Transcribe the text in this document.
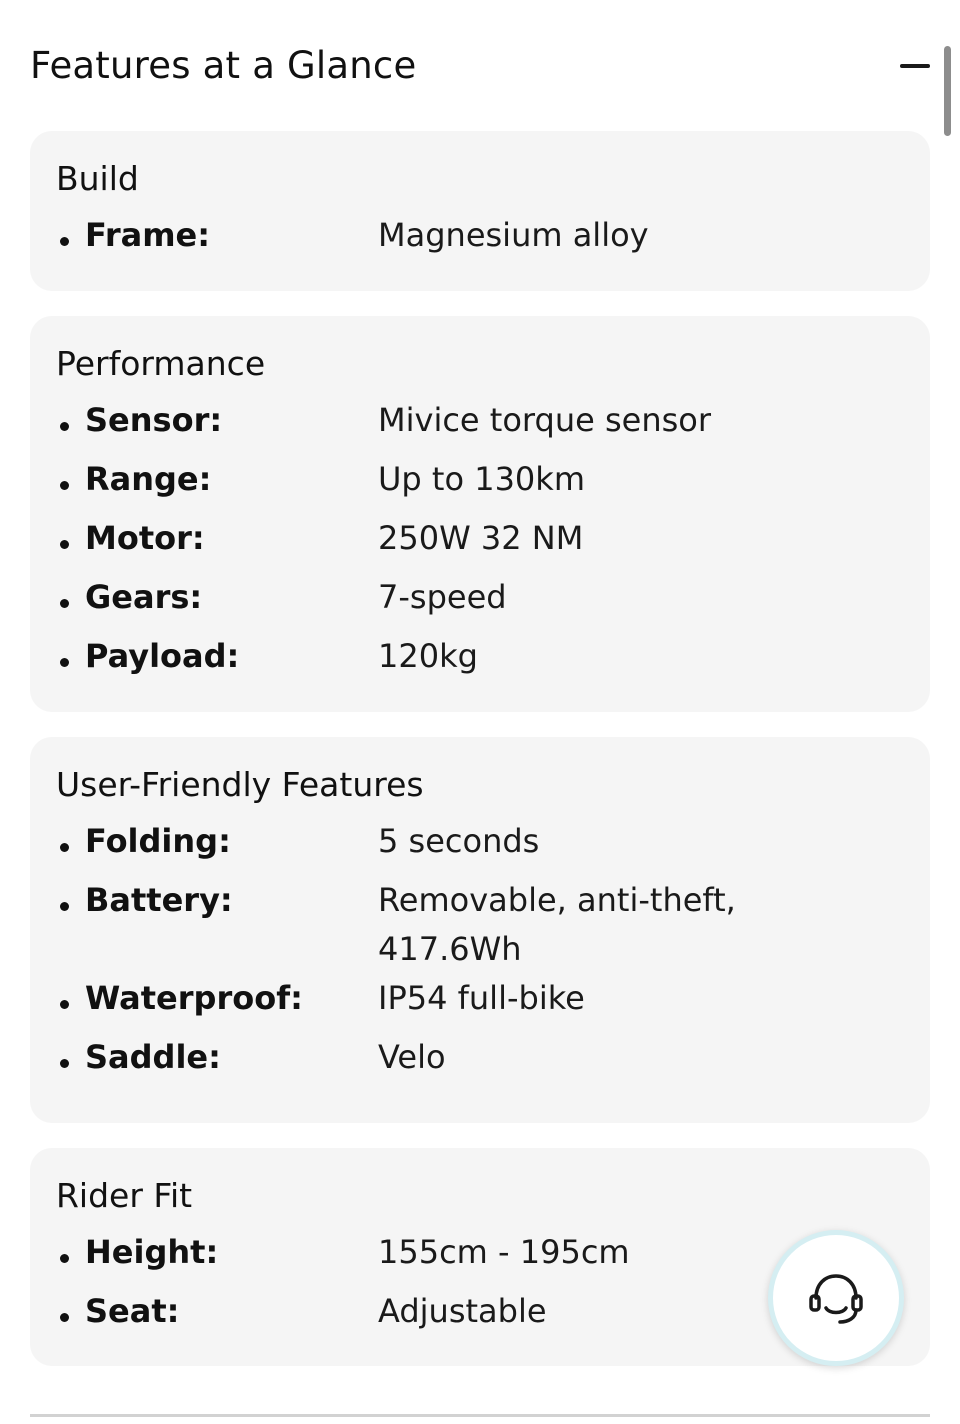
Features at a Glance
Build
Frame:	Magnesium alloy
Performance
Sensor:	Mivice torque sensor
Range:	Up to 130km
Motor:	250W 32 NM
Gears:	7-speed
Payload:	120kg
User-Friendly Features
Folding:	5 seconds
Battery:	Removable, anti-theft,
417.6Wh
Waterproof:	IP54 full-bike
Saddle:	Velo
Rider Fit
Height:	155cm - 195cm
Seat:	Adjustable
